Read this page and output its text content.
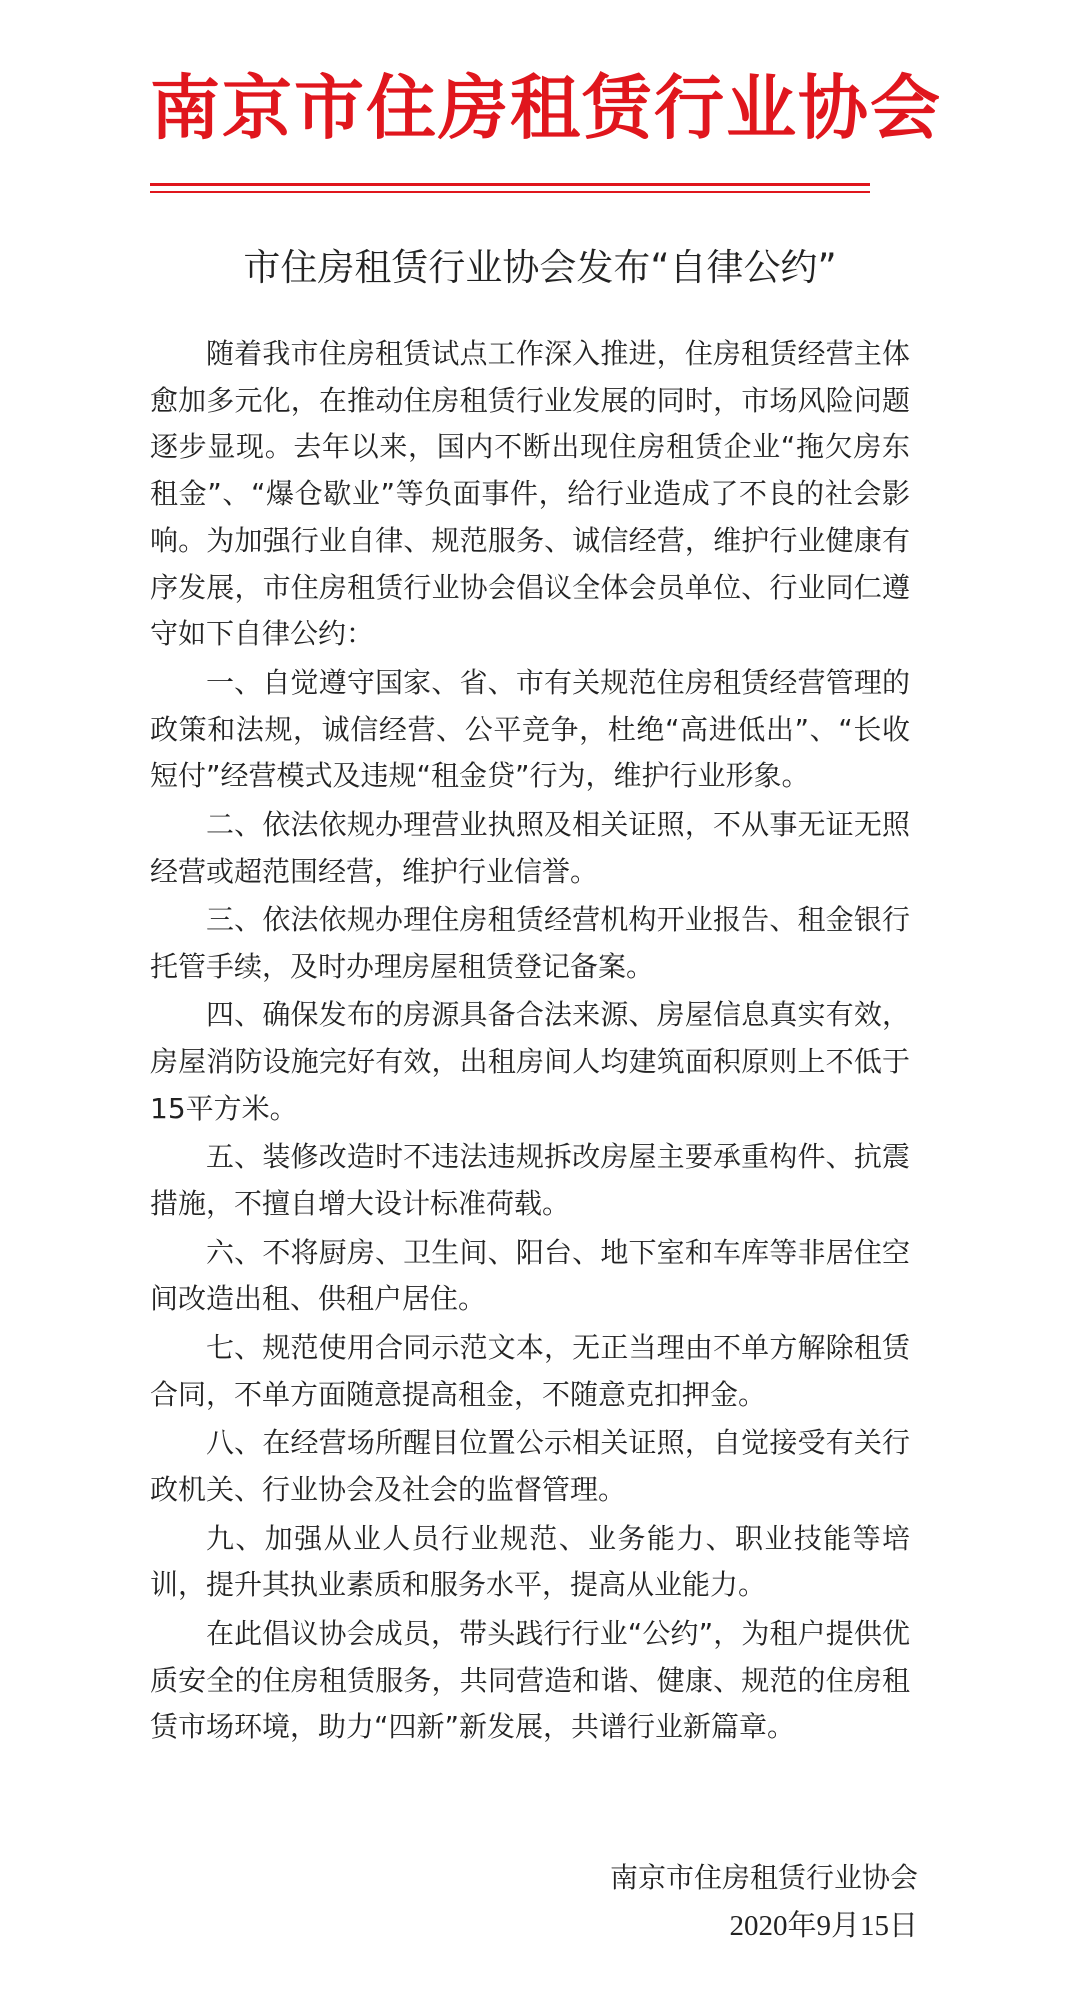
南京市住房租赁行业协会
市住房租赁行业协会发布“自律公约”

随着我市住房租赁试点工作深入推进，住房租赁经营主体愈加多元化，在推动住房租赁行业发展的同时，市场风险问题逐步显现。去年以来，国内不断出现住房租赁企业“拖欠房东租金”、“爆仓歇业”等负面事件，给行业造成了不良的社会影响。为加强行业自律、规范服务、诚信经营，维护行业健康有序发展，市住房租赁行业协会倡议全体会员单位、行业同仁遵守如下自律公约：

一、自觉遵守国家、省、市有关规范住房租赁经营管理的政策和法规，诚信经营、公平竞争，杜绝“高进低出”、“长收短付”经营模式及违规“租金贷”行为，维护行业形象。

二、依法依规办理营业执照及相关证照，不从事无证无照经营或超范围经营，维护行业信誉。

三、依法依规办理住房租赁经营机构开业报告、租金银行托管手续，及时办理房屋租赁登记备案。

四、确保发布的房源具备合法来源、房屋信息真实有效，房屋消防设施完好有效，出租房间人均建筑面积原则上不低于15平方米。

五、装修改造时不违法违规拆改房屋主要承重构件、抗震措施，不擅自增大设计标准荷载。

六、不将厨房、卫生间、阳台、地下室和车库等非居住空间改造出租、供租户居住。

七、规范使用合同示范文本，无正当理由不单方解除租赁合同，不单方面随意提高租金，不随意克扣押金。

八、在经营场所醒目位置公示相关证照，自觉接受有关行政机关、行业协会及社会的监督管理。

九、加强从业人员行业规范、业务能力、职业技能等培训，提升其执业素质和服务水平，提高从业能力。

在此倡议协会成员，带头践行行业“公约”，为租户提供优质安全的住房租赁服务，共同营造和谐、健康、规范的住房租赁市场环境，助力“四新”新发展，共谱行业新篇章。

南京市住房租赁行业协会
2020年9月15日
